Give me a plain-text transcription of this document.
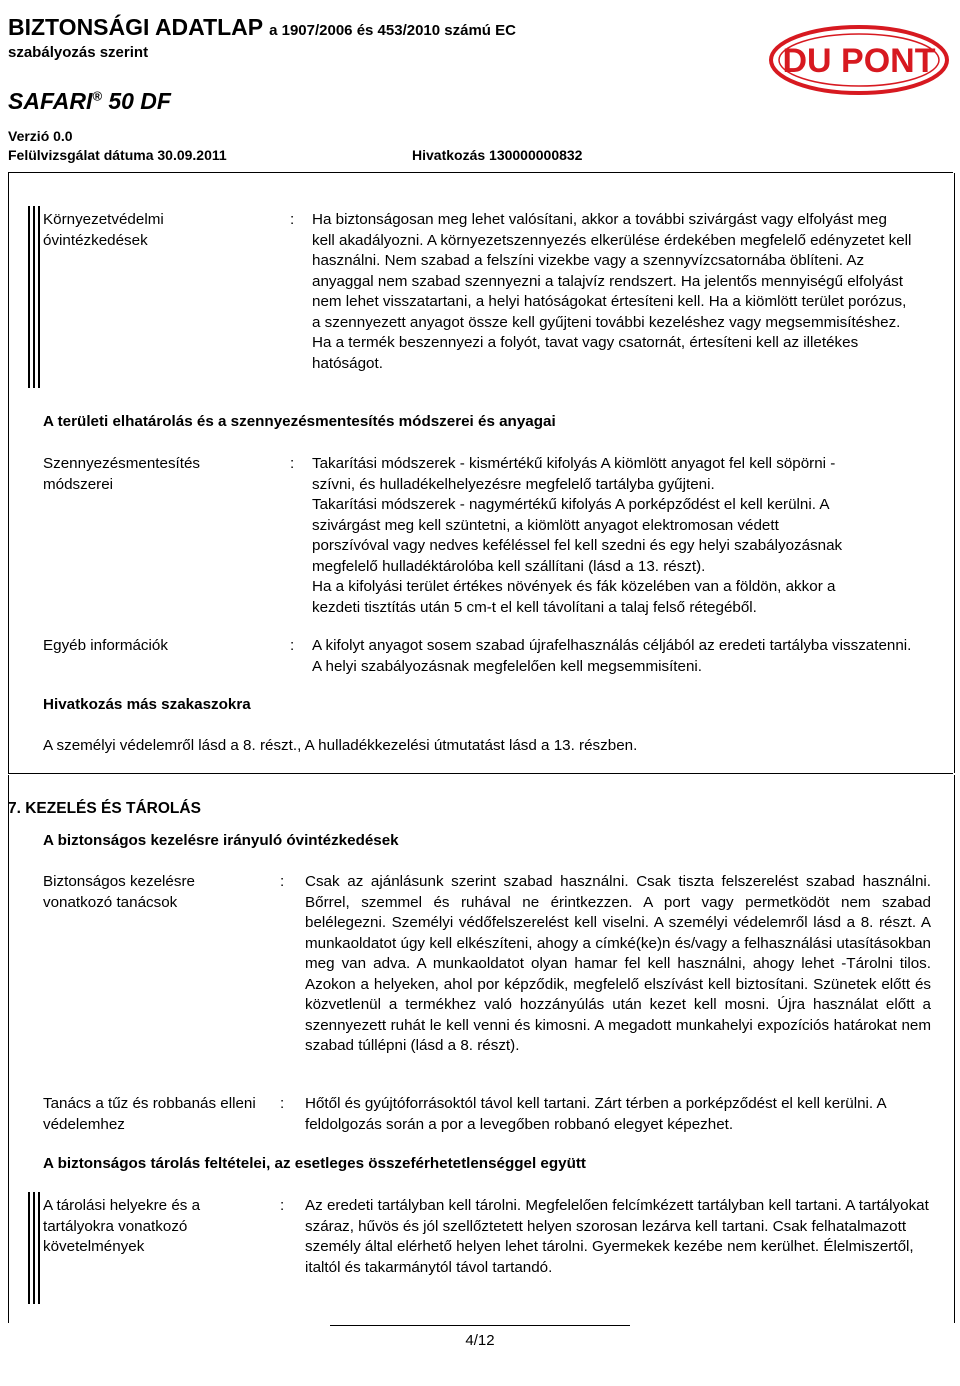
BIZTONSÁGI ADATLAP a 1907/2006 és 453/2010 számú EC
szabályozás szerint
SAFARI® 50 DF
Verzió 0.0
Felülvizsgálat dátuma 30.09.2011	Hivatkozás 130000000832
DU PONT
Környezetvédelmi óvintézkedések
: Ha biztonságosan meg lehet valósítani, akkor a további szivárgást vagy elfolyást meg kell akadályozni. A környezetszennyezés elkerülése érdekében megfelelő edényzetet kell használni. Nem szabad a felszíni vizekbe vagy a szennyvízcsatornába öblíteni. Az anyaggal nem szabad szennyezni a talajvíz rendszert. Ha jelentős mennyiségű elfolyást nem lehet visszatartani, a helyi hatóságokat értesíteni kell. Ha a kiömlött terület porózus, a szennyezett anyagot össze kell gyűjteni további kezeléshez vagy megsemmisítéshez. Ha a termék beszennyezi a folyót, tavat vagy csatornát, értesíteni kell az illetékes hatóságot.
A területi elhatárolás és a szennyezésmentesítés módszerei és anyagai
Szennyezésmentesítés módszerei
: Takarítási módszerek - kismértékű kifolyás A kiömlött anyagot fel kell söpörni -
szívni, és hulladékelhelyezésre megfelelő tartályba gyűjteni.
Takarítási módszerek - nagymértékű kifolyás A porképződést el kell kerülni. A
szivárgást meg kell szüntetni, a kiömlött anyagot elektromosan védett
porszívóval vagy nedves keféléssel fel kell szedni és egy helyi szabályozásnak
megfelelő hulladéktárolóba kell szállítani (lásd a 13. részt).
Ha a kifolyási terület értékes növények és fák közelében van a földön, akkor a
kezdeti tisztítás után 5 cm-t el kell távolítani a talaj felső rétegéből.
Egyéb információk	: A kifolyt anyagot sosem szabad újrafelhasználás céljából az eredeti tartályba visszatenni. A helyi szabályozásnak megfelelően kell megsemmisíteni.
Hivatkozás más szakaszokra
A személyi védelemről lásd a 8. részt., A hulladékkezelési útmutatást lásd a 13. részben.
7. KEZELÉS ÉS TÁROLÁS
A biztonságos kezelésre irányuló óvintézkedések
Biztonságos kezelésre vonatkozó tanácsok
: Csak az ajánlásunk szerint szabad használni. Csak tiszta felszerelést szabad használni. Bőrrel, szemmel és ruhával ne érintkezzen. A port vagy permetködöt nem szabad belélegezni. Személyi védőfelszerelést kell viselni. A személyi védelemről lásd a 8. részt. A munkaoldatot úgy kell elkészíteni, ahogy a címké(ke)n és/vagy a felhasználási utasításokban meg van adva. A munkaoldatot olyan hamar fel kell használni, ahogy lehet -Tárolni tilos. Azokon a helyeken, ahol por képződik, megfelelő elszívást kell biztosítani. Szünetek előtt és közvetlenül a termékhez való hozzányúlás után kezet kell mosni. Újra használat előtt a szennyezett ruhát le kell venni és kimosni. A megadott munkahelyi expozíciós határokat nem szabad túllépni (lásd a 8. részt).
Tanács a tűz és robbanás elleni védelemhez
: Hőtől és gyújtóforrásoktól távol kell tartani. Zárt térben a porképződést el kell kerülni. A feldolgozás során a por a levegőben robbanó elegyet képezhet.
A biztonságos tárolás feltételei, az esetleges összeférhetetlenséggel együtt
A tárolási helyekre és a tartályokra vonatkozó követelmények
: Az eredeti tartályban kell tárolni. Megfelelően felcímkézett tartályban kell tartani. A tartályokat száraz, hűvös és jól szellőztetett helyen szorosan lezárva kell tartani. Csak felhatalmazott személy által elérhető helyen lehet tárolni. Gyermekek kezébe nem kerülhet. Élelmiszertől, italtól és takarmánytól távol tartandó.
4/12
